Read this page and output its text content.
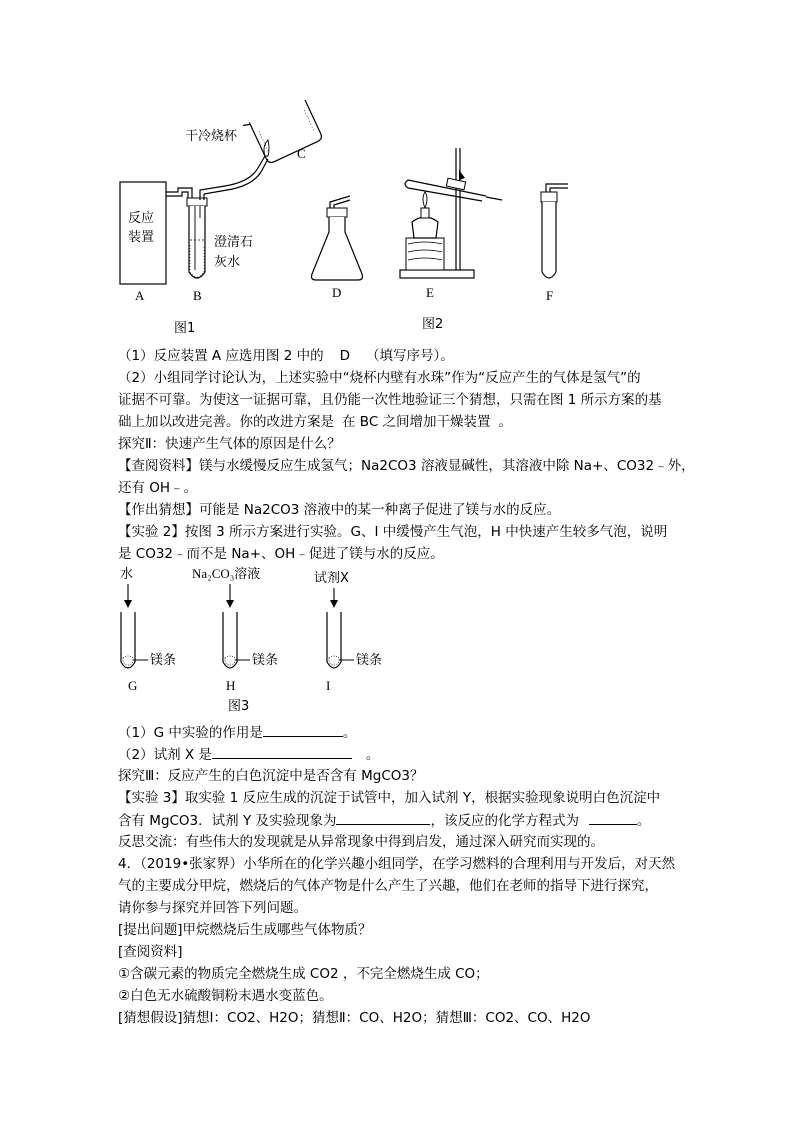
反应
装置
干冷烧杯
C
澄清石
灰水
A	B
图1
D	E	F
图2
（1）反应装置 A 应选用图 2 中的 D （填写序号）。
（2）小组同学讨论认为，上述实验中“烧杯内壁有水珠”作为“反应产生的气体是氢气”的
证据不可靠。为使这一证据可靠，且仍能一次性地验证三个猜想，只需在图 1 所示方案的基
础上加以改进完善。你的改进方案是 在 BC 之间增加干燥装置 。
探究Ⅱ：快速产生气体的原因是什么？
【查阅资料】镁与水缓慢反应生成氢气；Na2CO3 溶液显碱性，其溶液中除 Na+、CO32﹣外，
还有 OH﹣。
【作出猜想】可能是 Na2CO3 溶液中的某一种离子促进了镁与水的反应。
【实验 2】按图 3 所示方案进行实验。G、I 中缓慢产生气泡，H 中快速产生较多气泡，说明
是 CO32﹣而不是 Na+、OH﹣促进了镁与水的反应。
水
镁条
G
Na₂CO₃溶液
镁条
H
试剂X
镁条
I
图3
（1）G 中实验的作用是	。
（2）试剂 X 是	。
探究Ⅲ：反应产生的白色沉淀中是否含有 MgCO3？
【实验 3】取实验 1 反应生成的沉淀于试管中，加入试剂 Y，根据实验现象说明白色沉淀中
含有 MgCO3．试剂 Y 及实验现象为	，该反应的化学方程式为	。
反思交流：有些伟大的发现就是从异常现象中得到启发，通过深入研究而实现的。
4．（2019•张家界）小华所在的化学兴趣小组同学，在学习燃料的合理利用与开发后，对天然
气的主要成分甲烷，燃烧后的气体产物是什么产生了兴趣，他们在老师的指导下进行探究，
请你参与探究并回答下列问题。
[提出问题]甲烷燃烧后生成哪些气体物质？
[查阅资料]
①含碳元素的物质完全燃烧生成 CO2 ，不完全燃烧生成 CO；
②白色无水硫酸铜粉末遇水变蓝色。
[猜想假设]猜想Ⅰ：CO2、H2O；猜想Ⅱ：CO、H2O；猜想Ⅲ：CO2、CO、H2O
